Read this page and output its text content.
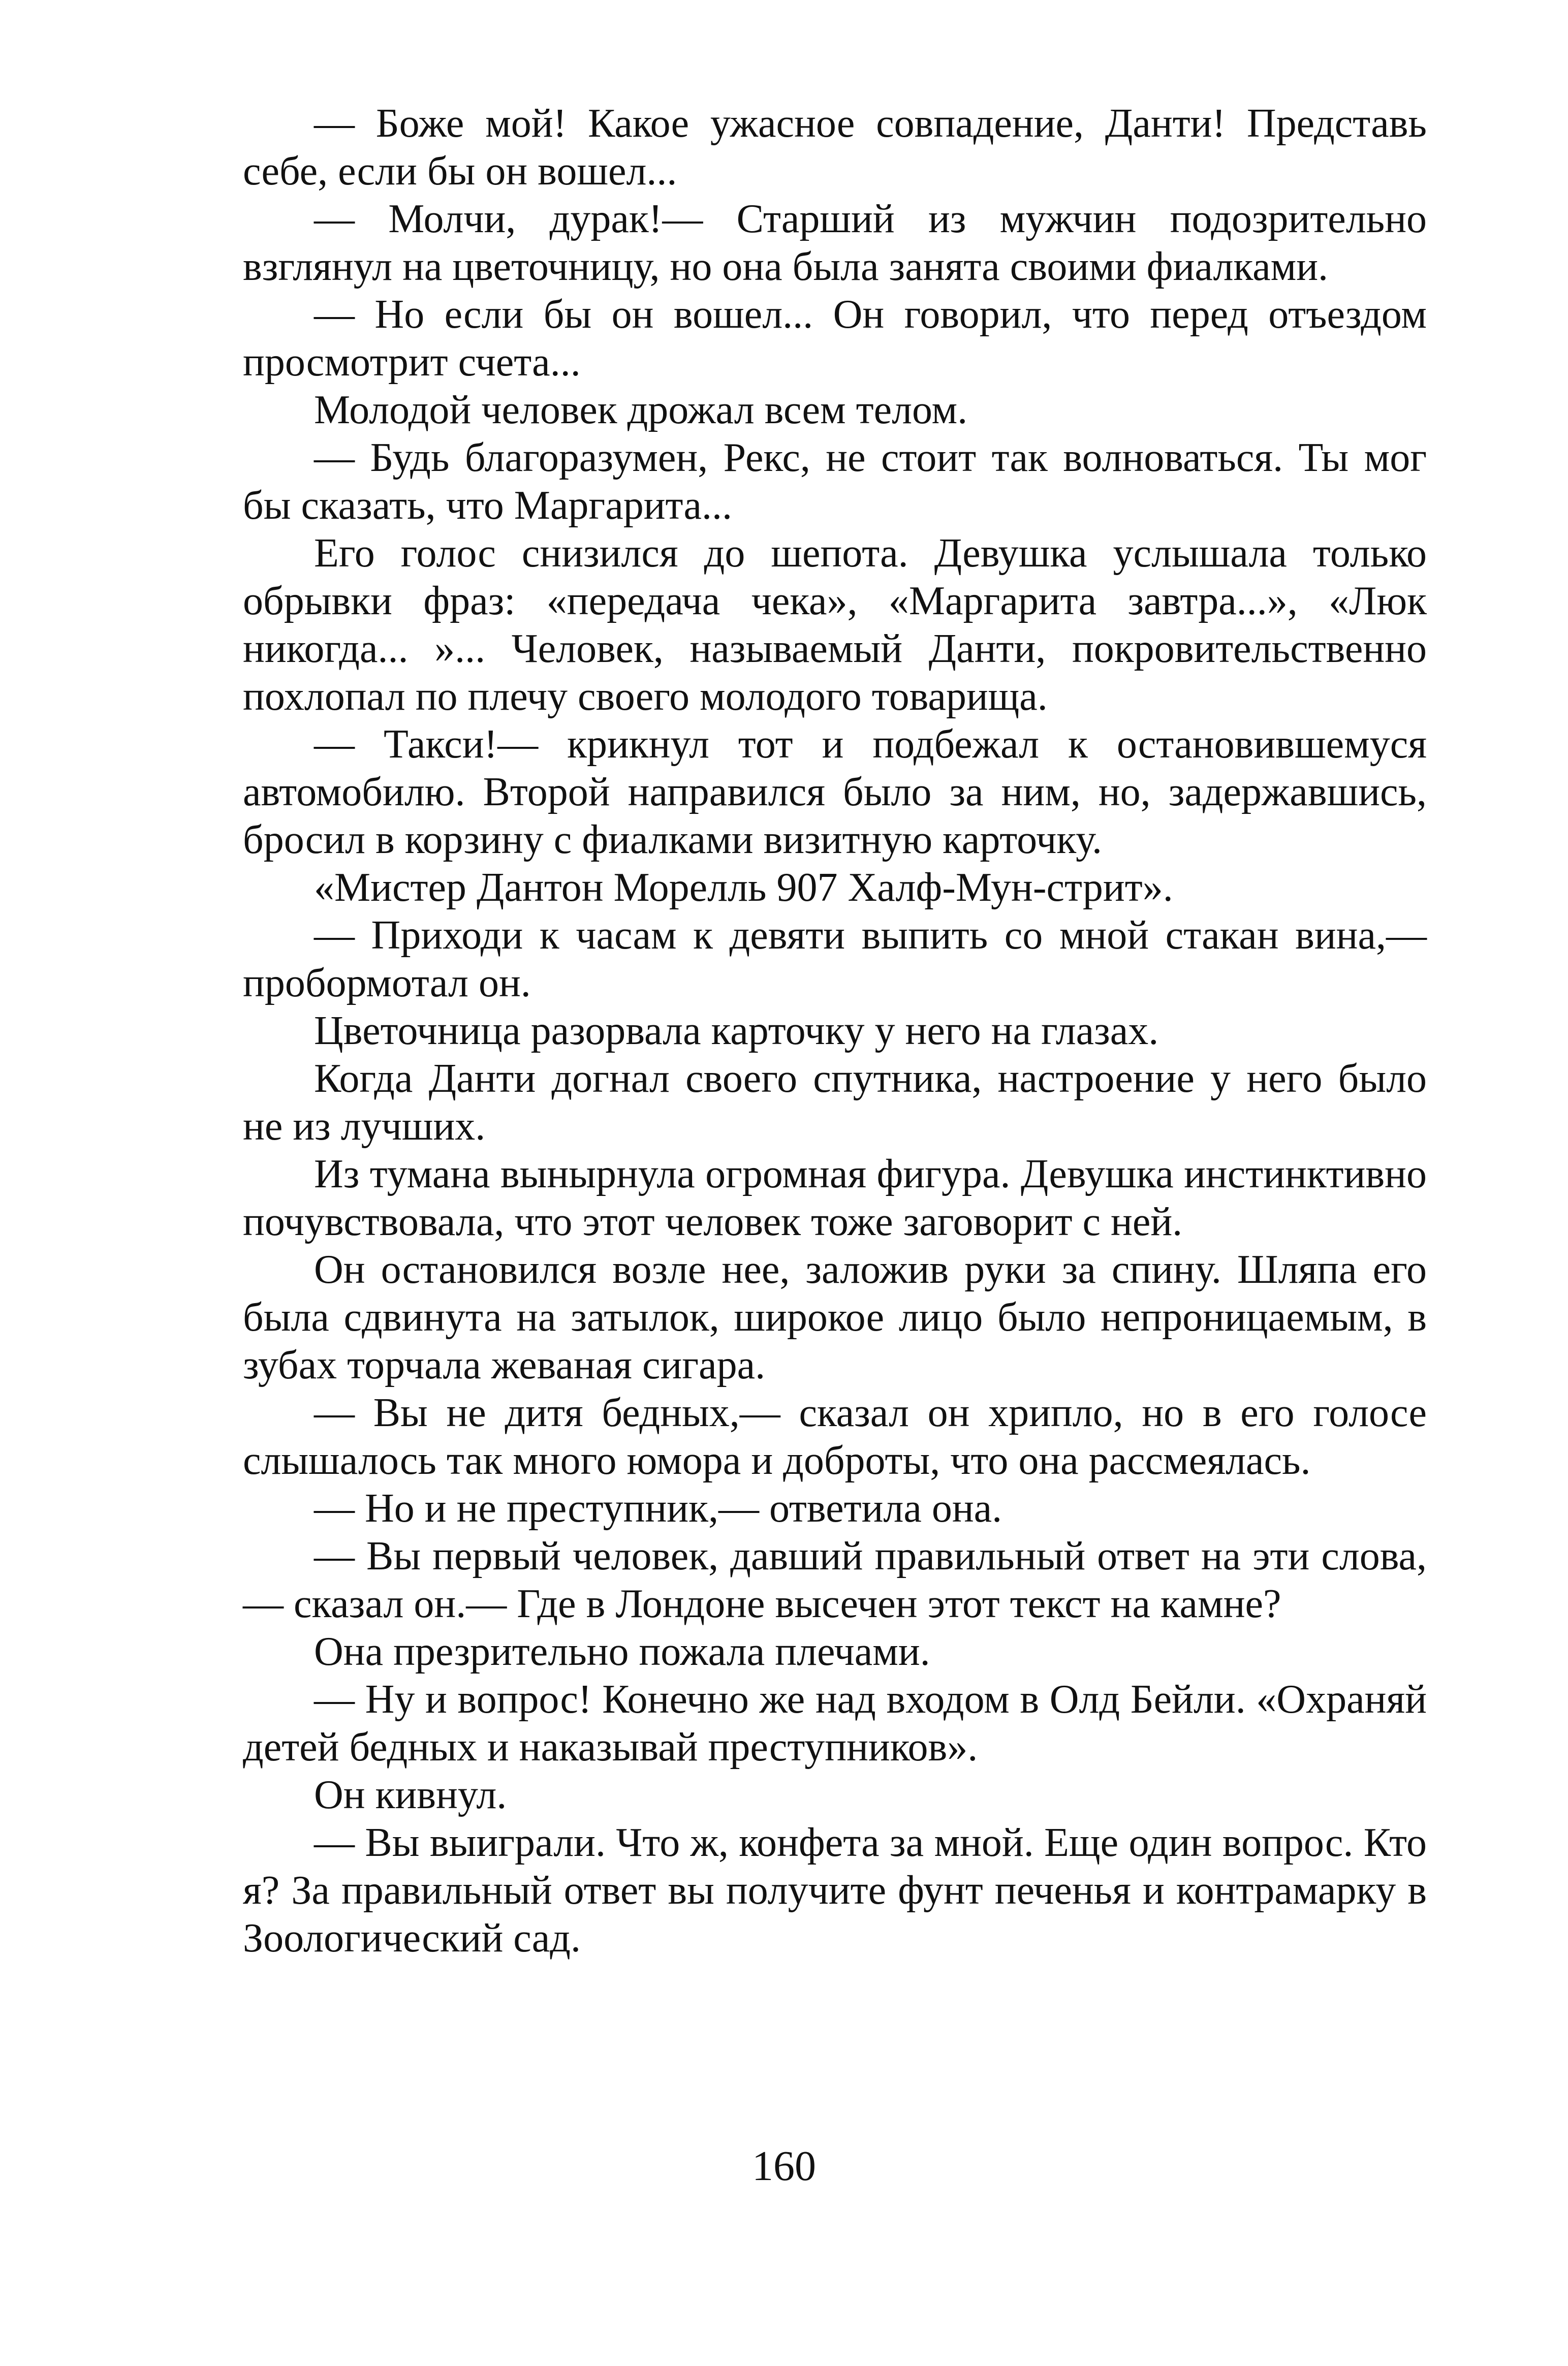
— Боже мой! Какое ужасное совпадение, Данти! Представь себе, если бы он вошел...

— Молчи, дурак!— Старший из мужчин подозрительно взглянул на цветочницу, но она была занята своими фиалками.

— Но если бы он вошел... Он говорил, что перед отъездом просмотрит счета...

Молодой человек дрожал всем телом.

— Будь благоразумен, Рекс, не стоит так волноваться. Ты мог бы сказать, что Маргарита...

Его голос снизился до шепота. Девушка услышала только обрывки фраз: «передача чека», «Маргарита завтра...», «Люк никогда... »... Человек, называемый Данти, покровительственно похлопал по плечу своего молодого товарища.

— Такси!— крикнул тот и подбежал к остановившемуся автомобилю. Второй направился было за ним, но, задержавшись, бросил в корзину с фиалками визитную карточку.

«Мистер Дантон Морелль 907 Халф-Мун-стрит».

— Приходи к часам к девяти выпить со мной стакан вина,— пробормотал он.

Цветочница разорвала карточку у него на глазах.

Когда Данти догнал своего спутника, настроение у него было не из лучших.

Из тумана вынырнула огромная фигура. Девушка инстинктивно почувствовала, что этот человек тоже заговорит с ней.

Он остановился возле нее, заложив руки за спину. Шляпа его была сдвинута на затылок, широкое лицо было непроницаемым, в зубах торчала жеваная сигара.

— Вы не дитя бедных,— сказал он хрипло, но в его голосе слышалось так много юмора и доброты, что она рассмеялась.

— Но и не преступник,— ответила она.

— Вы первый человек, давший правильный ответ на эти слова,— сказал он.— Где в Лондоне высечен этот текст на камне?

Она презрительно пожала плечами.

— Ну и вопрос! Конечно же над входом в Олд Бейли. «Охраняй детей бедных и наказывай преступников».

Он кивнул.

— Вы выиграли. Что ж, конфета за мной. Еще один вопрос. Кто я? За правильный ответ вы получите фунт печенья и контрамарку в Зоологический сад.

160
